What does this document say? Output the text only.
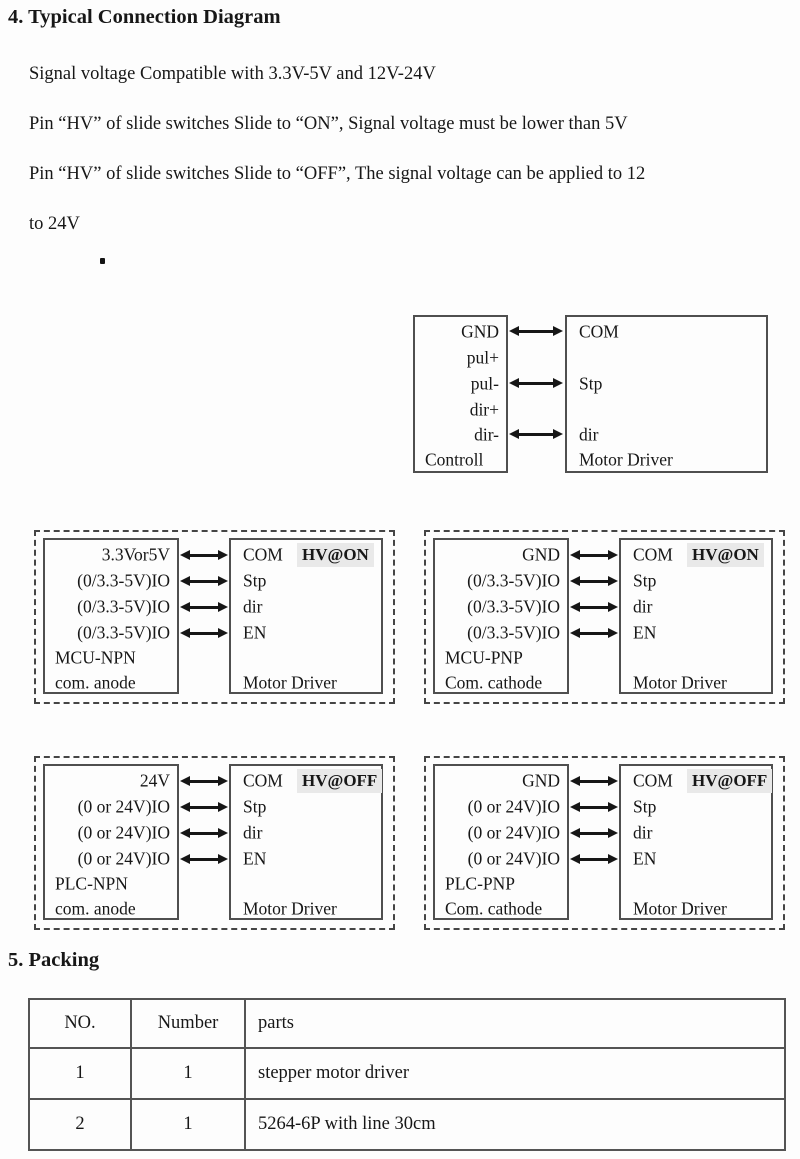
4. Typical Connection Diagram
Signal voltage Compatible with 3.3V-5V and 12V-24V
Pin “HV” of slide switches Slide to “ON”, Signal voltage must be lower than 5V
Pin “HV” of slide switches Slide to “OFF”, The signal voltage can be applied to 12
to 24V
GND
pul+
pul-
dir+
dir-
Controll
COM
Stp
dir
Motor Driver
3.3Vor5V
(0/3.3-5V)IO
(0/3.3-5V)IO
(0/3.3-5V)IO
MCU-NPN
com. anode
COM HV@ON
Stp
dir
EN
Motor Driver
GND
(0/3.3-5V)IO
(0/3.3-5V)IO
(0/3.3-5V)IO
MCU-PNP
Com. cathode
COM HV@ON
Stp
dir
EN
Motor Driver
24V
(0 or 24V)IO
(0 or 24V)IO
(0 or 24V)IO
PLC-NPN
com. anode
COM HV@OFF
Stp
dir
EN
Motor Driver
GND
(0 or 24V)IO
(0 or 24V)IO
(0 or 24V)IO
PLC-PNP
Com. cathode
COM HV@OFF
Stp
dir
EN
Motor Driver
5. Packing
NO.	Number	parts
1	1	stepper motor driver
2	1	5264-6P with line 30cm
